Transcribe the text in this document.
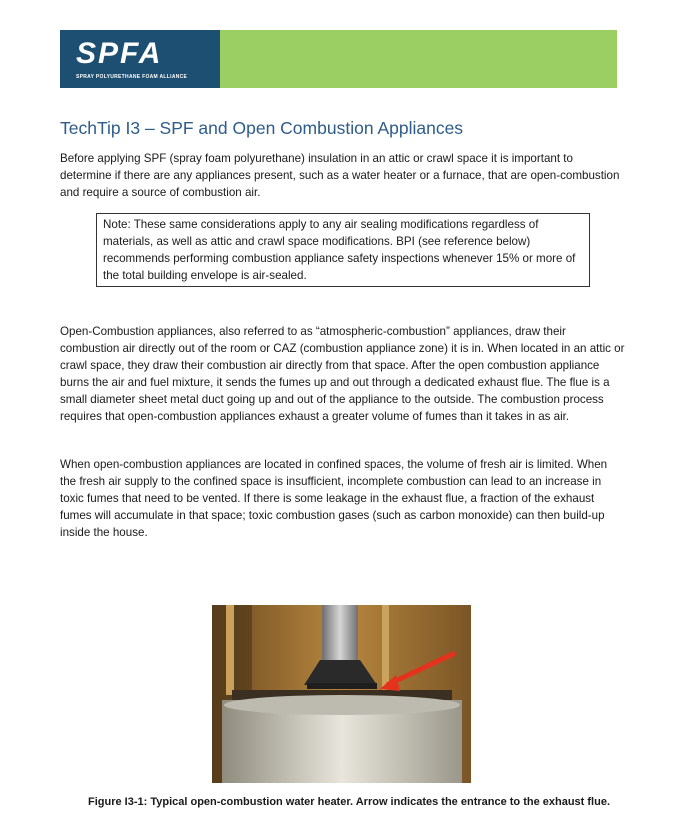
SPFA
SPRAY POLYURETHANE FOAM ALLIANCE
TechTip I3 – SPF and Open Combustion Appliances

Before applying SPF (spray foam polyurethane) insulation in an attic or crawl space it is important to determine if there are any appliances present, such as a water heater or a furnace, that are open-combustion and require a source of combustion air.

Note: These same considerations apply to any air sealing modifications regardless of materials, as well as attic and crawl space modifications. BPI (see reference below) recommends performing combustion appliance safety inspections whenever 15% or more of the total building envelope is air-sealed.

Open-Combustion appliances, also referred to as “atmospheric-combustion” appliances, draw their combustion air directly out of the room or CAZ (combustion appliance zone) it is in. When located in an attic or crawl space, they draw their combustion air directly from that space. After the open combustion appliance burns the air and fuel mixture, it sends the fumes up and out through a dedicated exhaust flue. The flue is a small diameter sheet metal duct going up and out of the appliance to the outside. The combustion process requires that open-combustion appliances exhaust a greater volume of fumes than it takes in as air.

When open-combustion appliances are located in confined spaces, the volume of fresh air is limited. When the fresh air supply to the confined space is insufficient, incomplete combustion can lead to an increase in toxic fumes that need to be vented. If there is some leakage in the exhaust flue, a fraction of the exhaust fumes will accumulate in that space; toxic combustion gases (such as carbon monoxide) can then build-up inside the house.

Figure I3-1: Typical open-combustion water heater. Arrow indicates the entrance to the exhaust flue.
